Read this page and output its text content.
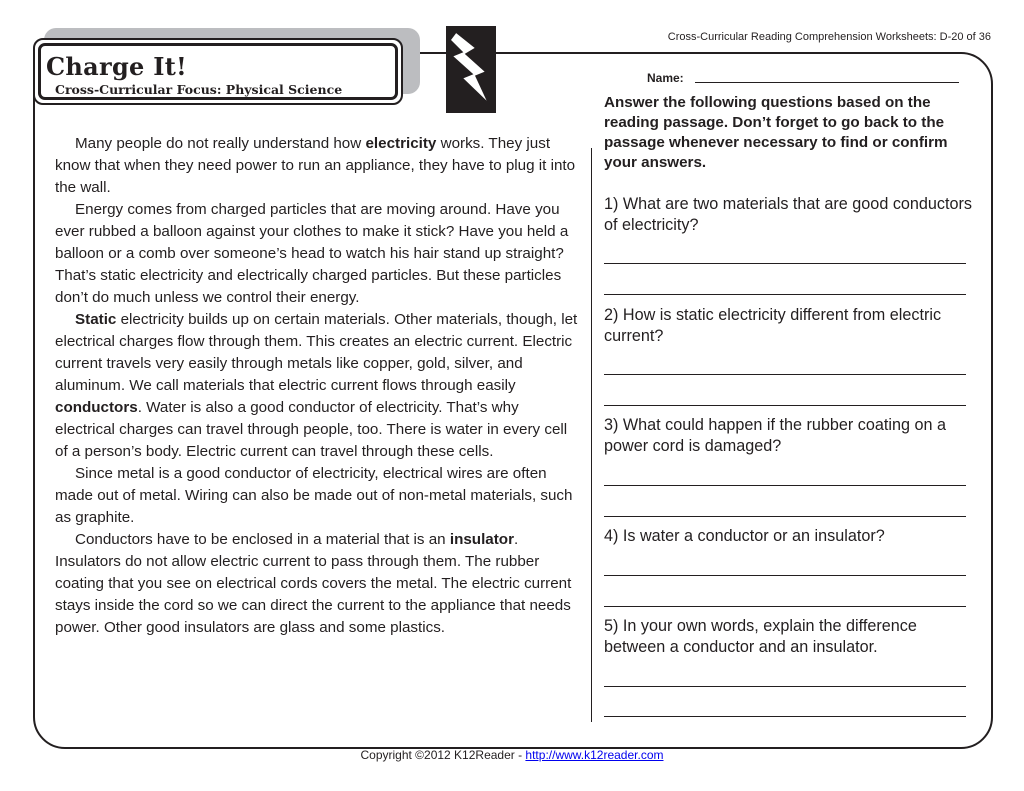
Cross-Curricular Reading Comprehension Worksheets: D-20 of 36
Charge It!
Cross-Curricular Focus: Physical Science
Name:

Many people do not really understand how electricity works. They just know that when they need power to run an appliance, they have to plug it into the wall.

Energy comes from charged particles that are moving around. Have you ever rubbed a balloon against your clothes to make it stick? Have you held a balloon or a comb over someone’s head to watch his hair stand up straight? That’s static electricity and electrically charged particles. But these particles don’t do much unless we control their energy.

Static electricity builds up on certain materials. Other materials, though, let electrical charges flow through them. This creates an electric current. Electric current travels very easily through metals like copper, gold, silver, and aluminum. We call materials that electric current flows through easily conductors. Water is also a good conductor of electricity. That’s why electrical charges can travel through people, too. There is water in every cell of a person’s body. Electric current can travel through these cells.

Since metal is a good conductor of electricity, electrical wires are often made out of metal. Wiring can also be made out of non-metal materials, such as graphite.

Conductors have to be enclosed in a material that is an insulator. Insulators do not allow electric current to pass through them. The rubber coating that you see on electrical cords covers the metal. The electric current stays inside the cord so we can direct the current to the appliance that needs power. Other good insulators are glass and some plastics.

Answer the following questions based on the reading passage. Don’t forget to go back to the passage whenever necessary to find or confirm your answers.
1) What are two materials that are good conductors of electricity?
2) How is static electricity different from electric current?
3) What could happen if the rubber coating on a power cord is damaged?
4) Is water a conductor or an insulator?
5) In your own words, explain the difference between a conductor and an insulator.
Copyright ©2012 K12Reader - http://www.k12reader.com
